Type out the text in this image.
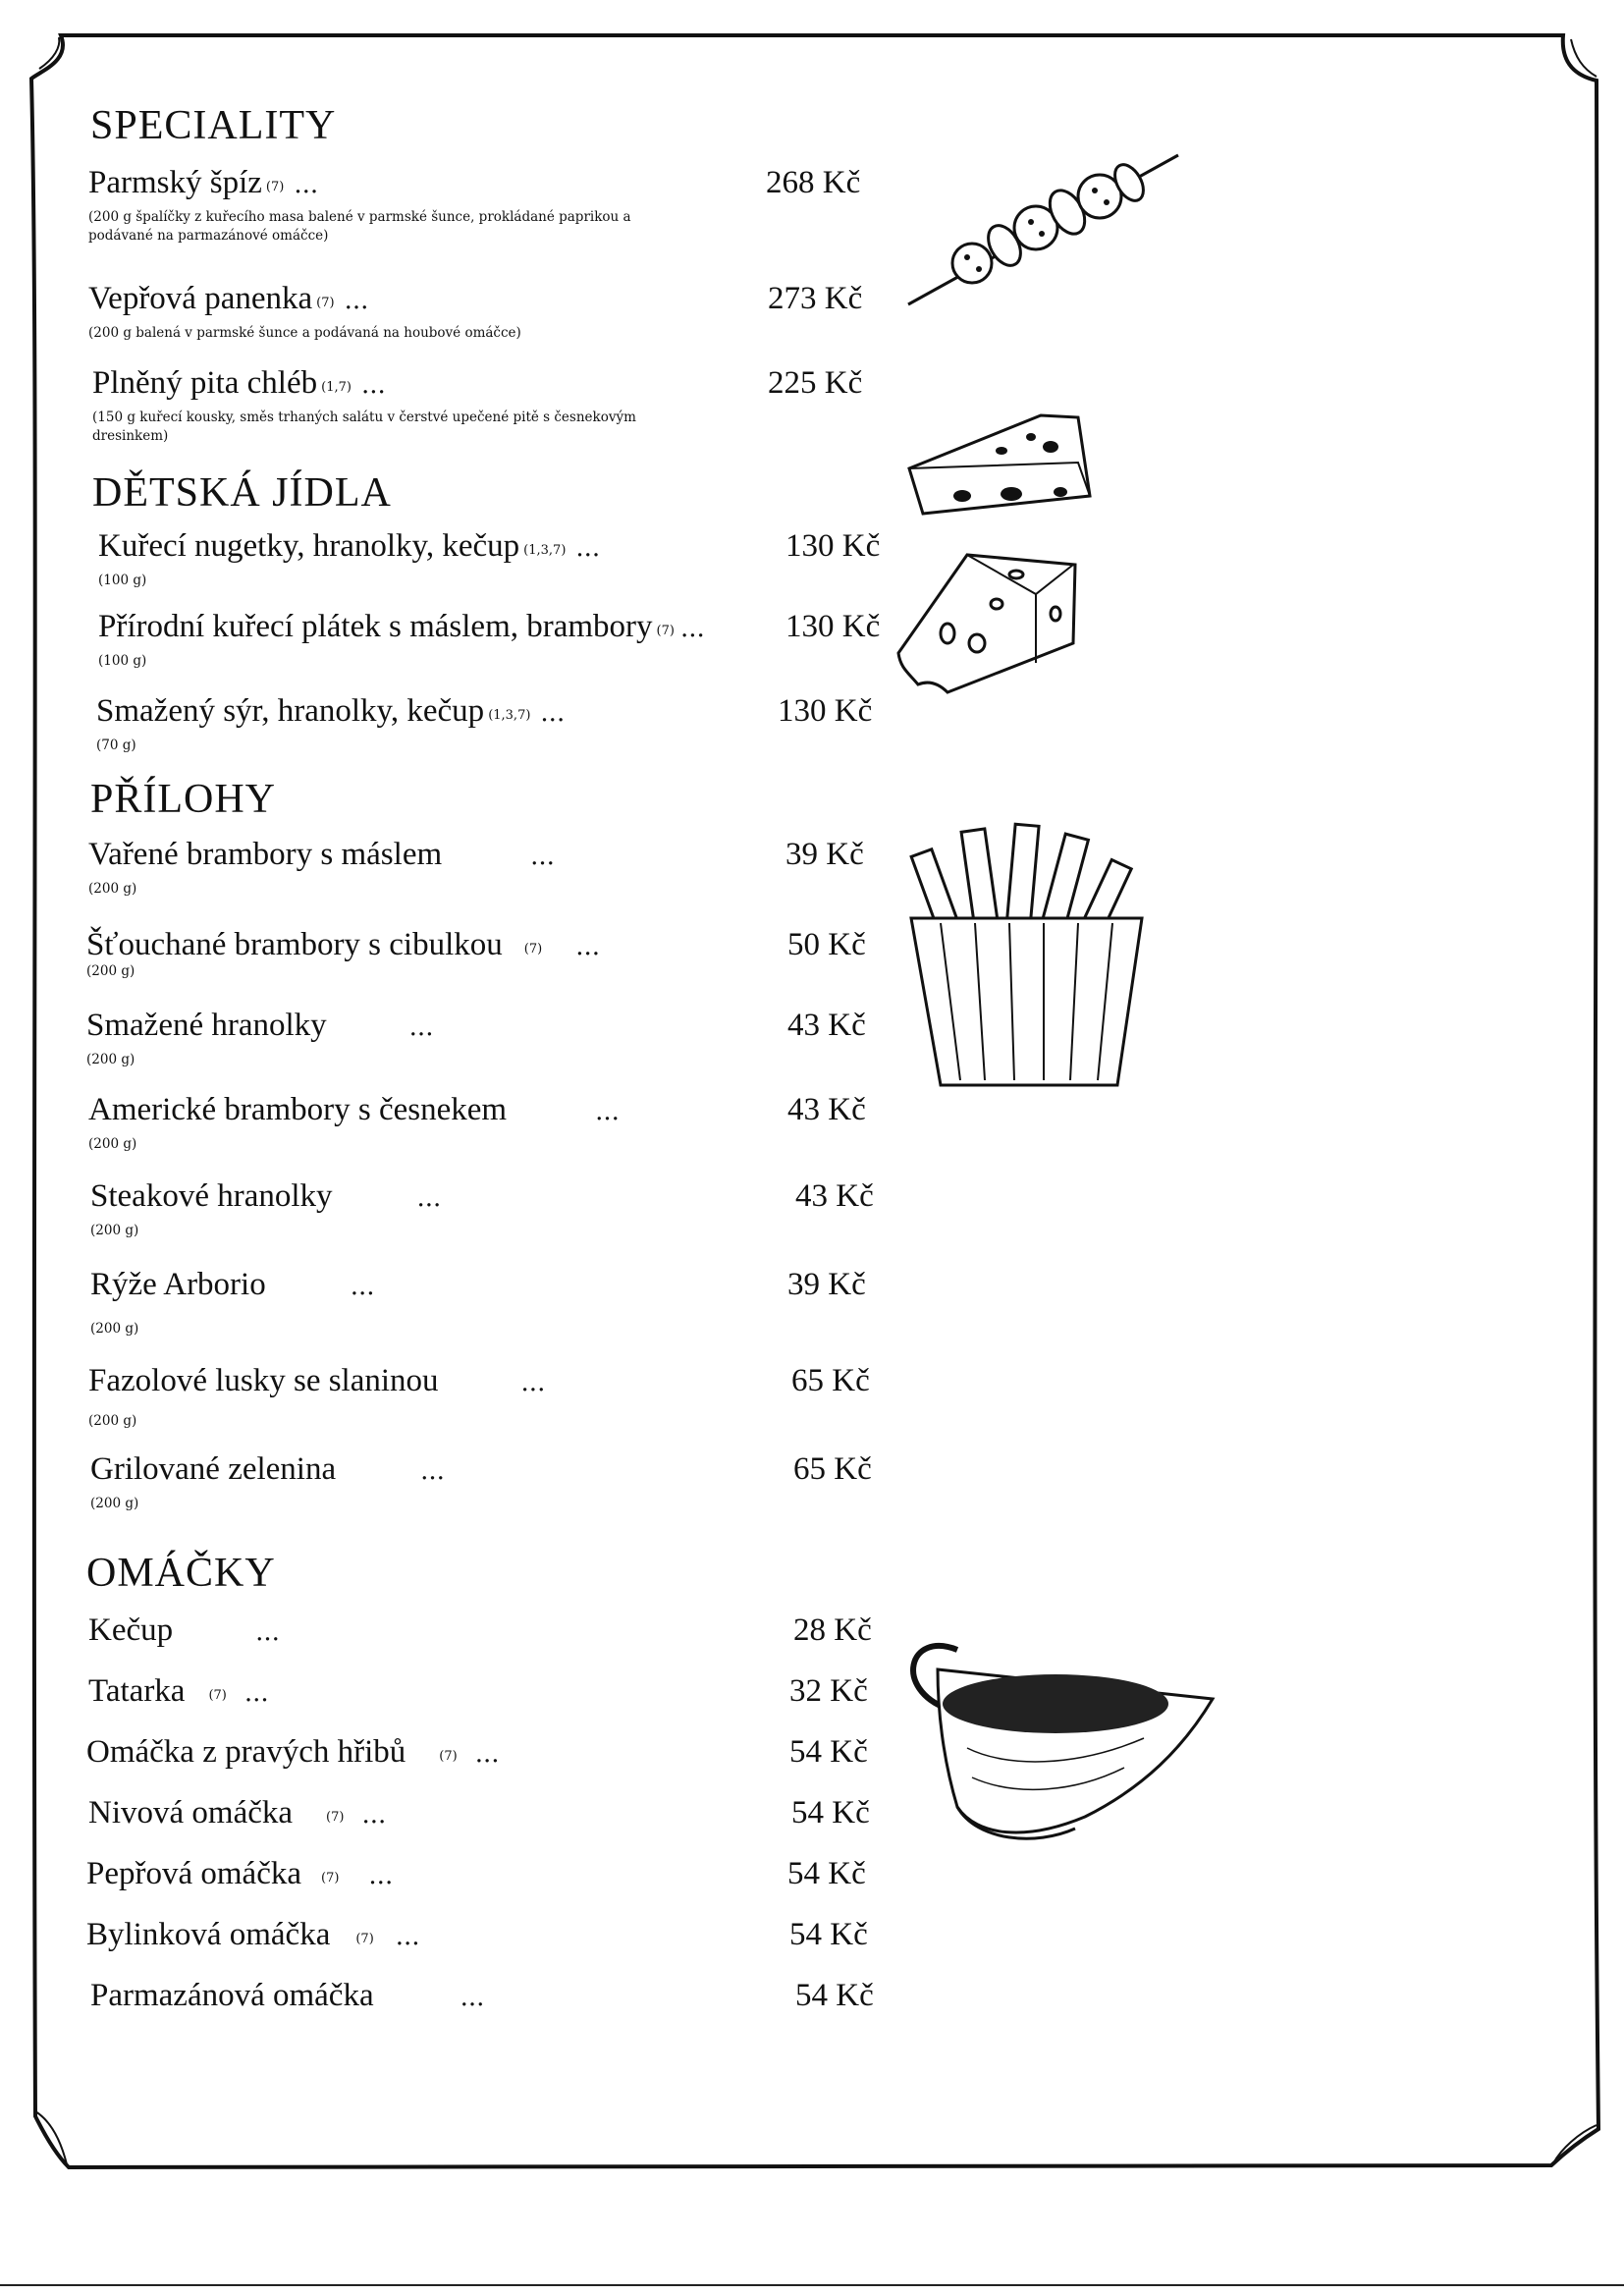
SPECIALITY
Parmský špíz (7) ...	268 Kč
(200 g špalíčky z kuřecího masa balené v parmské šunce, prokládané paprikou a podávané na parmazánové omáčce)
Vepřová panenka (7) ...	273 Kč
(200 g balená v parmské šunce a podávaná na houbové omáčce)
Plněný pita chléb (1,7) ...	225 Kč
(150 g kuřecí kousky, směs trhaných salátu v čerstvé upečené pitě s česnekovým dresinkem)
DĚTSKÁ JÍDLA
Kuřecí nugetky, hranolky, kečup (1,3,7) ...	130 Kč
(100 g)
Přírodní kuřecí plátek s máslem, brambory (7) ... 130 Kč
(100 g)
Smažený sýr, hranolky, kečup (1,3,7) ...	130 Kč
(70 g)
PŘÍLOHY
Vařené brambory s máslem	...	39 Kč
(200 g)
Šťouchané brambory s cibulkou (7) ...	50 Kč
(200 g)
Smažené hranolky	...	43 Kč
(200 g)
Americké brambory s česnekem	...	43 Kč
(200 g)
Steakové hranolky	...	43 Kč
(200 g)
Rýže Arborio	...	39 Kč
(200 g)
Fazolové lusky se slaninou	...	65 Kč
(200 g)
Grilované zelenina	...	65 Kč
(200 g)
OMÁČKY
Kečup	...	28 Kč
Tatarka (7) ...	32 Kč
Omáčka z pravých hřibů	(7) ...	54 Kč
Nivová omáčka	(7) ...	54 Kč
Pepřová omáčka (7) ...	54 Kč
Bylinková omáčka (7) ...	54 Kč
Parmazánová omáčka	...	54 Kč
